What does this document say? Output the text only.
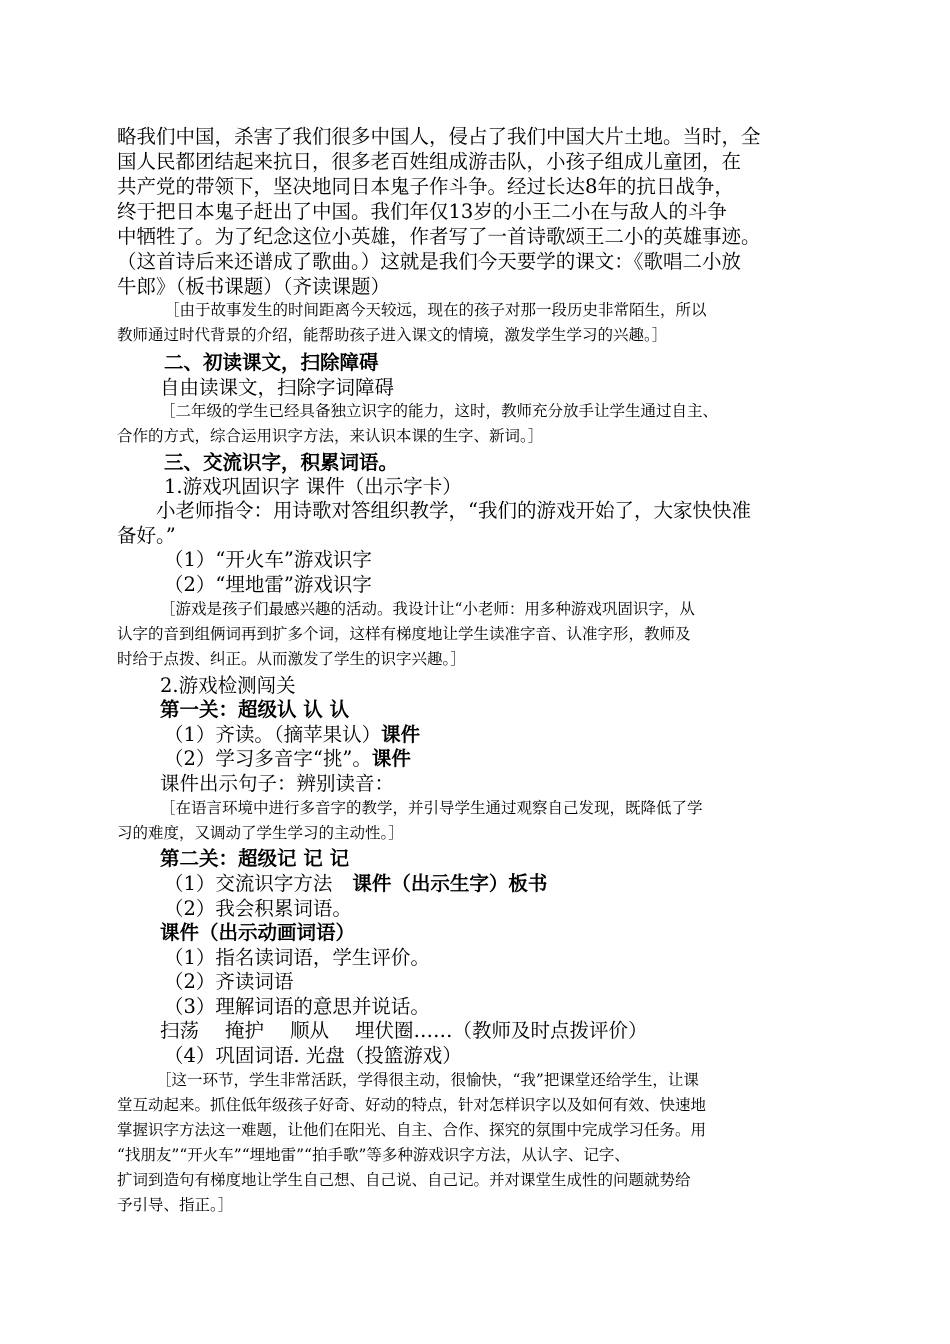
略我们中国，杀害了我们很多中国人，侵占了我们中国大片土地。当时，全
国人民都团结起来抗日，很多老百姓组成游击队，小孩子组成儿童团，在
共产党的带领下，坚决地同日本鬼子作斗争。经过长达8年的抗日战争，
终于把日本鬼子赶出了中国。我们年仅13岁的小王二小在与敌人的斗争
中牺牲了。为了纪念这位小英雄，作者写了一首诗歌颂王二小的英雄事迹。
（这首诗后来还谱成了歌曲。）这就是我们今天要学的课文：《歌唱二小放
牛郎》（板书课题）（齐读课题）
［由于故事发生的时间距离今天较远，现在的孩子对那一段历史非常陌生，所以
教师通过时代背景的介绍，能帮助孩子进入课文的情境，激发学生学习的兴趣。］
二、初读课文，扫除障碍
自由读课文，扫除字词障碍
［二年级的学生已经具备独立识字的能力，这时，教师充分放手让学生通过自主、
合作的方式，综合运用识字方法，来认识本课的生字、新词。］
三、交流识字，积累词语。
1.游戏巩固识字 课件（出示字卡）
小老师指令：用诗歌对答组织教学，“我们的游戏开始了，大家快快准
备好。”
（1）“开火车”游戏识字
（2）“埋地雷”游戏识字
［游戏是孩子们最感兴趣的活动。我设计让“小老师：用多种游戏巩固识字，从
认字的音到组俩词再到扩多个词，这样有梯度地让学生读准字音、认准字形，教师及
时给于点拨、纠正。从而激发了学生的识字兴趣。］
2.游戏检测闯关
第一关：超级认 认 认
（1）齐读。（摘苹果认）课件
（2）学习多音字“挑”。课件
课件出示句子：辨别读音：
［在语言环境中进行多音字的教学，并引导学生通过观察自己发现，既降低了学
习的难度，又调动了学生学习的主动性。］
第二关：超级记 记 记
（1）交流识字方法 课件（出示生字）板书
（2）我会积累词语。
课件（出示动画词语）
（1）指名读词语，学生评价。
（2）齐读词语
（3）理解词语的意思并说话。
扫荡 掩护 顺从 埋伏圈……（教师及时点拨评价）
（4）巩固词语. 光盘（投篮游戏）
［这一环节，学生非常活跃，学得很主动，很愉快，“我”把课堂还给学生，让课
堂互动起来。抓住低年级孩子好奇、好动的特点，针对怎样识字以及如何有效、快速地
掌握识字方法这一难题，让他们在阳光、自主、合作、探究的氛围中完成学习任务。用
“找朋友”“开火车”“埋地雷”“拍手歌”等多种游戏识字方法，从认字、记字、
扩词到造句有梯度地让学生自己想、自己说、自己记。并对课堂生成性的问题就势给
予引导、指正。］
